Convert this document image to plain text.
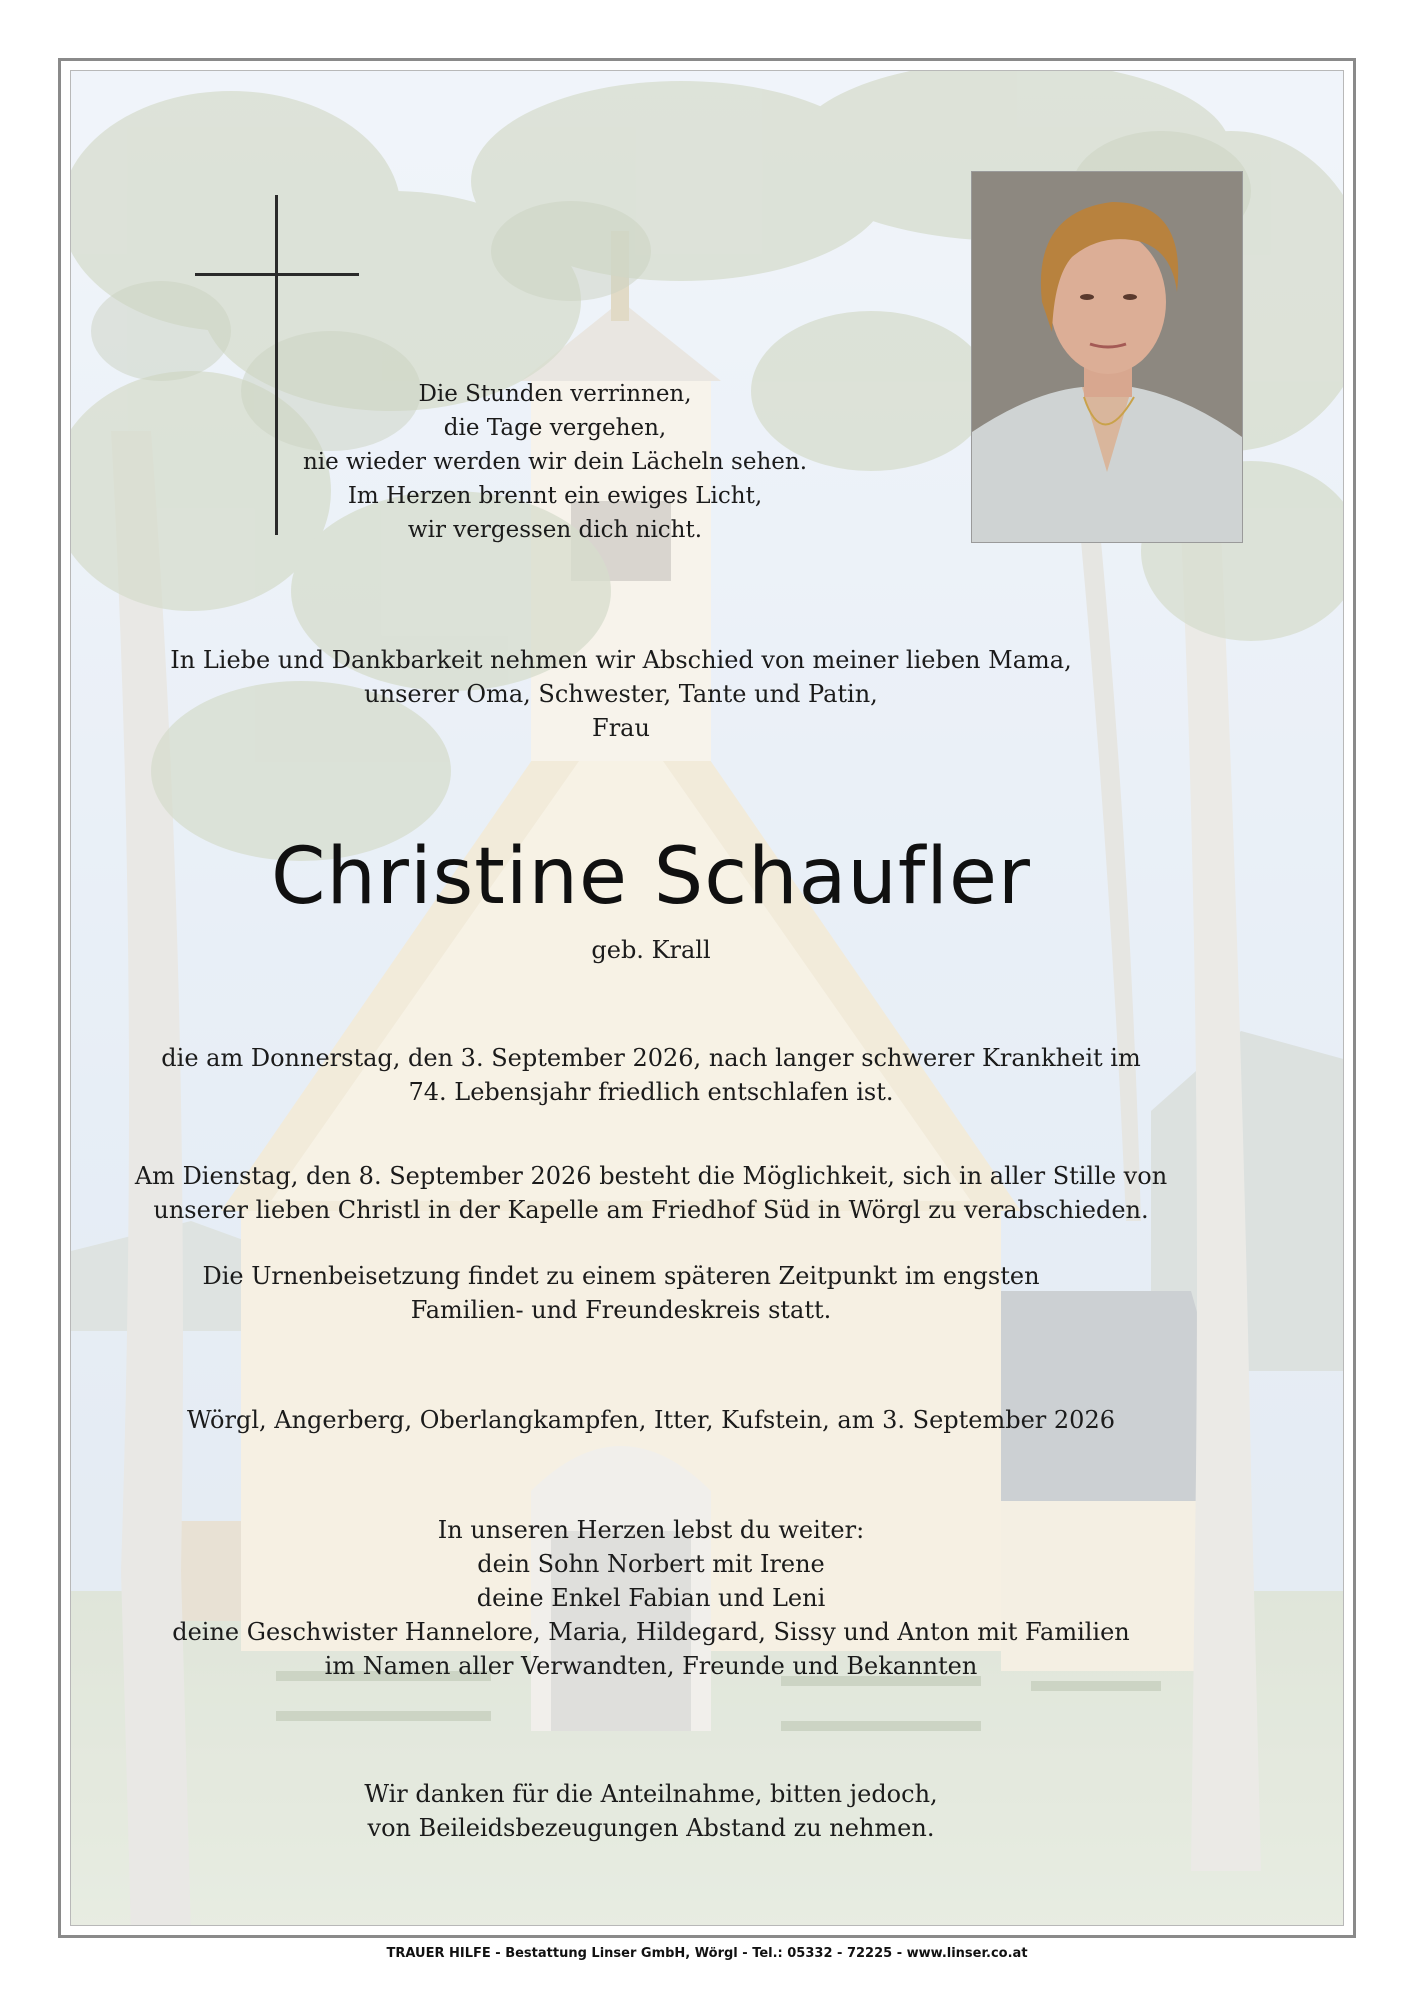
Die Stunden verrinnen,
die Tage vergehen,
nie wieder werden wir dein Lächeln sehen.
Im Herzen brennt ein ewiges Licht,
wir vergessen dich nicht.
In Liebe und Dankbarkeit nehmen wir Abschied von meiner lieben Mama,
unserer Oma, Schwester, Tante und Patin,
Frau
Christine Schaufler
geb. Krall
die am Donnerstag, den 3. September 2026, nach langer schwerer Krankheit im
74. Lebensjahr friedlich entschlafen ist.
Am Dienstag, den 8. September 2026 besteht die Möglichkeit, sich in aller Stille von
unserer lieben Christl in der Kapelle am Friedhof Süd in Wörgl zu verabschieden.
Die Urnenbeisetzung findet zu einem späteren Zeitpunkt im engsten
Familien- und Freundeskreis statt.
Wörgl, Angerberg, Oberlangkampfen, Itter, Kufstein, am 3. September 2026
In unseren Herzen lebst du weiter:
dein Sohn Norbert mit Irene
deine Enkel Fabian und Leni
deine Geschwister Hannelore, Maria, Hildegard, Sissy und Anton mit Familien
im Namen aller Verwandten, Freunde und Bekannten
Wir danken für die Anteilnahme, bitten jedoch,
von Beileidsbezeugungen Abstand zu nehmen.
TRAUER HILFE - Bestattung Linser GmbH, Wörgl - Tel.: 05332 - 72225 - www.linser.co.at
